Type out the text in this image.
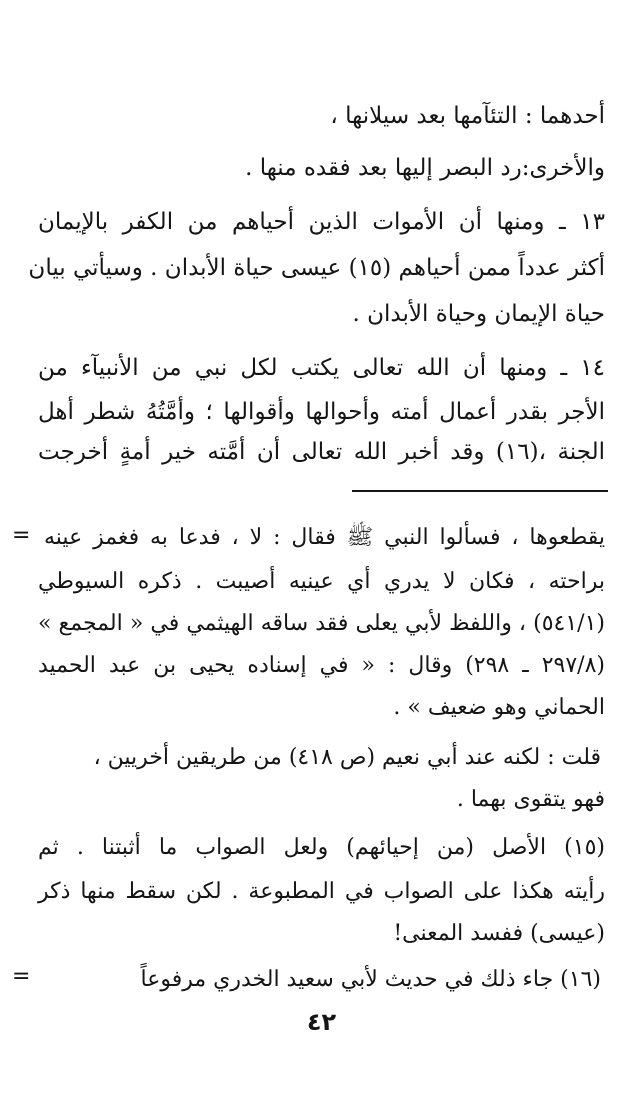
أحدهما : التئآمها بعد سيلانها ،
والأخرى:رد البصر إليها بعد فقده منها .
١٣ ـ ومنها أن الأموات الذين أحياهم من الكفر بالإيمان
أكثر عدداً ممن أحياهم (١٥) عيسى حياة الأبدان . وسيأتي بيان
حياة الإيمان وحياة الأبدان .
١٤ ـ ومنها أن الله تعالى يكتب لكل نبي من الأنبيآء من
الأجر بقدر أعمال أمته وأحوالها وأقوالها ؛ وأمَّتُهُ شطر أهل
الجنة ،(١٦) وقد أخبر الله تعالى أن أمَّته خير أمةٍ أخرجت
= يقطعوها ، فسألوا النبي ﷺ فقال : لا ، فدعا به فغمز عينه
براحته ، فكان لا يدري أي عينيه أصيبت . ذكره السيوطي
(٥٤١/١) ، واللفظ لأبي يعلى فقد ساقه الهيثمي في « المجمع »
(٢٩٧/٨ ـ ٢٩٨) وقال : « في إسناده يحيى بن عبد الحميد
الحماني وهو ضعيف » .
قلت : لكنه عند أبي نعيم (ص ٤١٨) من طريقين أخريين ،
فهو يتقوى بهما .
(١٥) الأصل (من إحيائهم) ولعل الصواب ما أثبتنا . ثم
رأيته هكذا على الصواب في المطبوعة . لكن سقط منها ذكر
(عيسى) ففسد المعنى!
=	(١٦) جاء ذلك في حديث لأبي سعيد الخدري مرفوعاً
٤٢
